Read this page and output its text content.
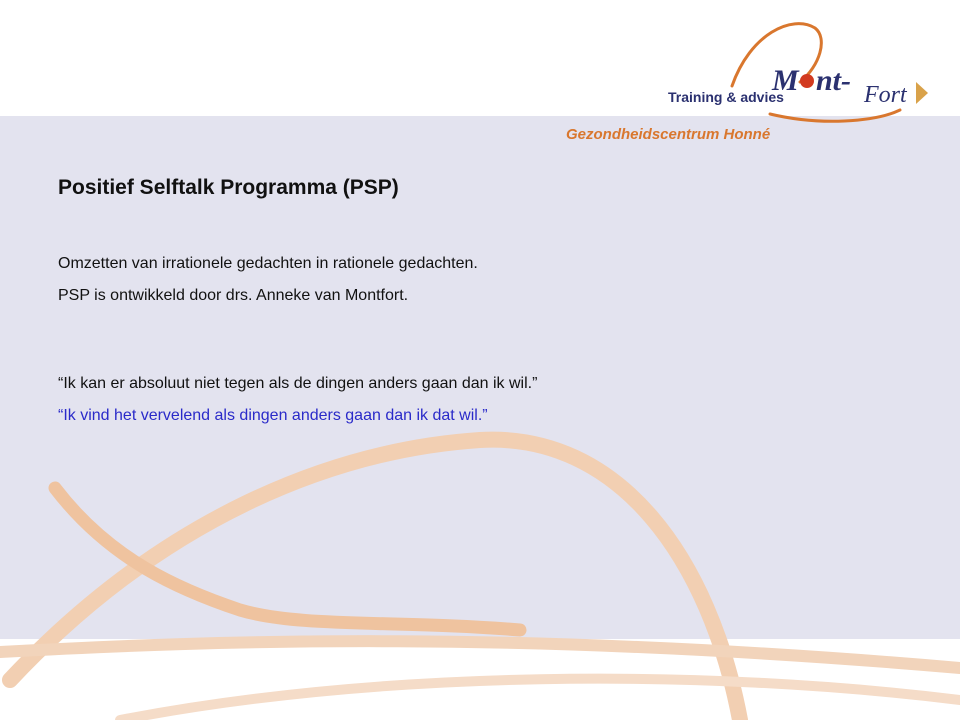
M nt- Fort
Training & advies
Gezondheidscentrum Honné
Positief Selftalk Programma (PSP)
Omzetten van irrationele gedachten in rationele gedachten.
PSP is ontwikkeld door drs. Anneke van Montfort.
“Ik kan er absoluut niet tegen als de dingen anders gaan dan ik wil.”
“Ik vind het vervelend als dingen anders gaan dan ik dat wil.”
